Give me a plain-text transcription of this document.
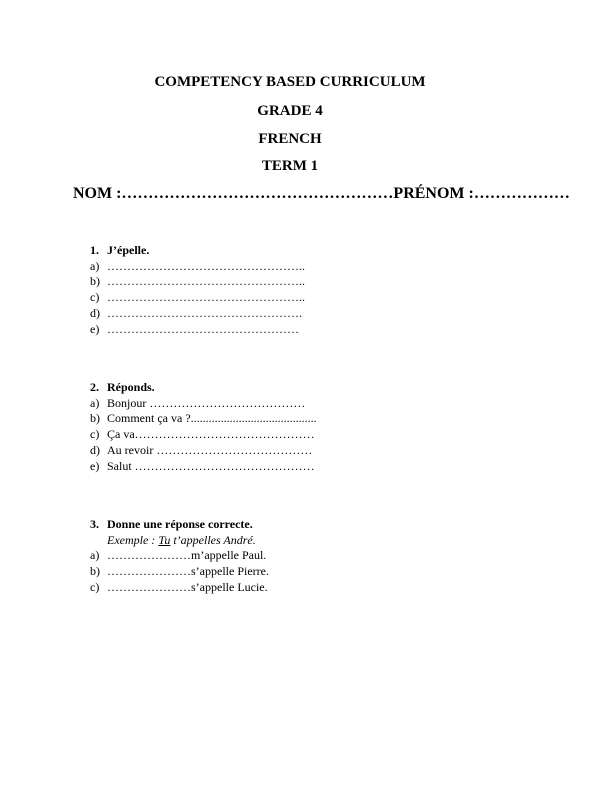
COMPETENCY BASED CURRICULUM
GRADE 4
FRENCH
TERM 1
NOM :……………………………………………PRÉNOM :………………
1. J’épelle.
a) …………………………………………..
b) …………………………………………..
c) …………………………………………..
d) ………………………………………….
e) …………………………………………
2. Réponds.
a) Bonjour …………………………………
b) Comment ça va ?..........................................
c) Ça va………………………………………
d) Au revoir …………………………………
e) Salut ………………………………………
3. Donne une réponse correcte.
Exemple : Tu t’appelles André.
a) …………………m’appelle Paul.
b) …………………s’appelle Pierre.
c) …………………s’appelle Lucie.
